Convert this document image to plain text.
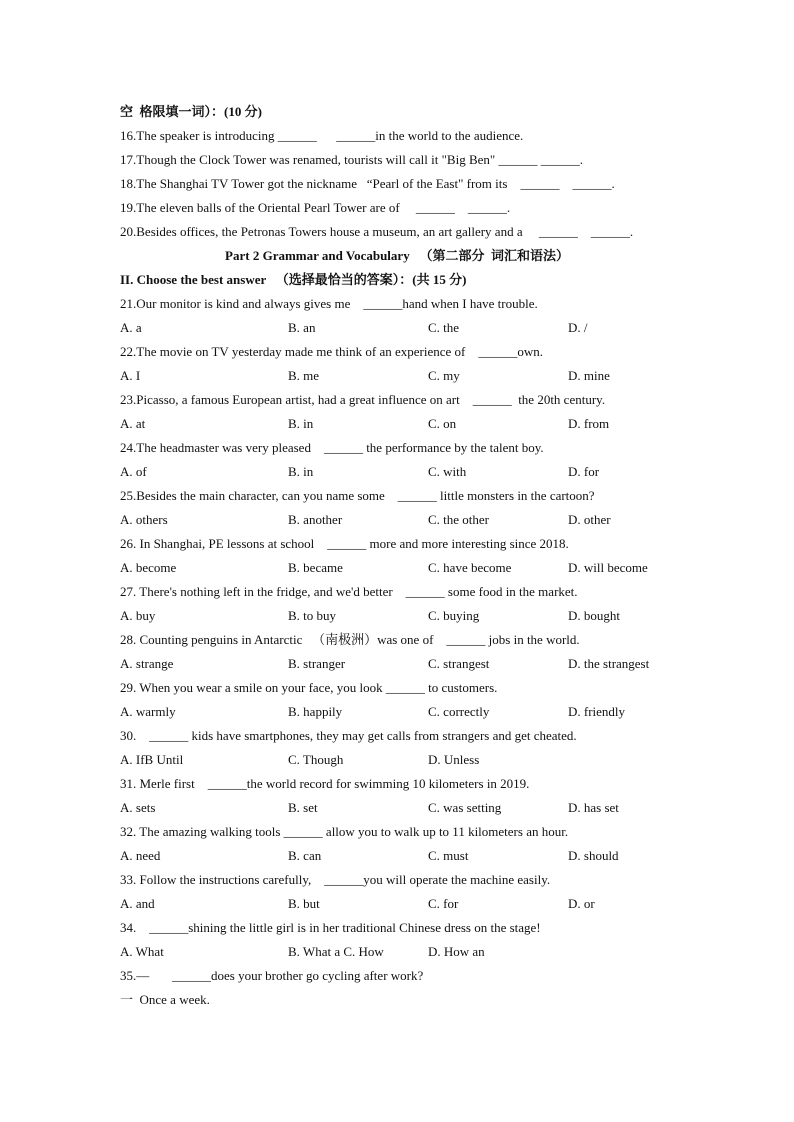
空  格限填一词）：(10 分)
16.The speaker is introducing ______      ______in the world to the audience.
17.Though the Clock Tower was renamed, tourists will call it "Big Ben" ______ ______.
18.The Shanghai TV Tower got the nickname   “Pearl of the East" from its    ______    ______.
19.The eleven balls of the Oriental Pearl Tower are of     ______    ______.
20.Besides offices, the Petronas Towers house a museum, an art gallery and a     ______    ______.
Part 2 Grammar and Vocabulary   （第二部分  词汇和语法）
II. Choose the best answer   （选择最恰当的答案）：(共 15 分)
21.Our monitor is kind and always gives me    ______hand when I have trouble.
A. a	B. an	C. the	D. /
22.The movie on TV yesterday made me think of an experience of    ______own.
A. I	B. me	C. my	D. mine
23.Picasso, a famous European artist, had a great influence on art    ______  the 20th century.
A. at	B. in	C. on	D. from
24.The headmaster was very pleased    ______ the performance by the talent boy.
A. of	B. in	C. with	D. for
25.Besides the main character, can you name some    ______ little monsters in the cartoon?
A. others	B. another	C. the other	D. other
26. In Shanghai, PE lessons at school    ______ more and more interesting since 2018.
A. become	B. became	C. have become	D. will become
27. There's nothing left in the fridge, and we'd better    ______ some food in the market.
A. buy	B. to buy	C. buying	D. bought
28. Counting penguins in Antarctic   （南极洲）was one of    ______ jobs in the world.
A. strange	B. stranger	C. strangest	D. the strangest
29. When you wear a smile on your face, you look ______ to customers.
A. warmly	B. happily	C. correctly	D. friendly
30.    ______ kids have smartphones, they may get calls from strangers and get cheated.
A. IfB Until	C. Though	D. Unless
31. Merle first    ______the world record for swimming 10 kilometers in 2019.
A. sets	B. set	C. was setting	D. has set
32. The amazing walking tools ______ allow you to walk up to 11 kilometers an hour.
A. need	B. can	C. must	D. should
33. Follow the instructions carefully,    ______you will operate the machine easily.
A. and	B. but	C. for	D. or
34.    ______shining the little girl is in her traditional Chinese dress on the stage!
A. What	B. What a C. How	D. How an
35.—       ______does your brother go cycling after work?
一  Once a week.
